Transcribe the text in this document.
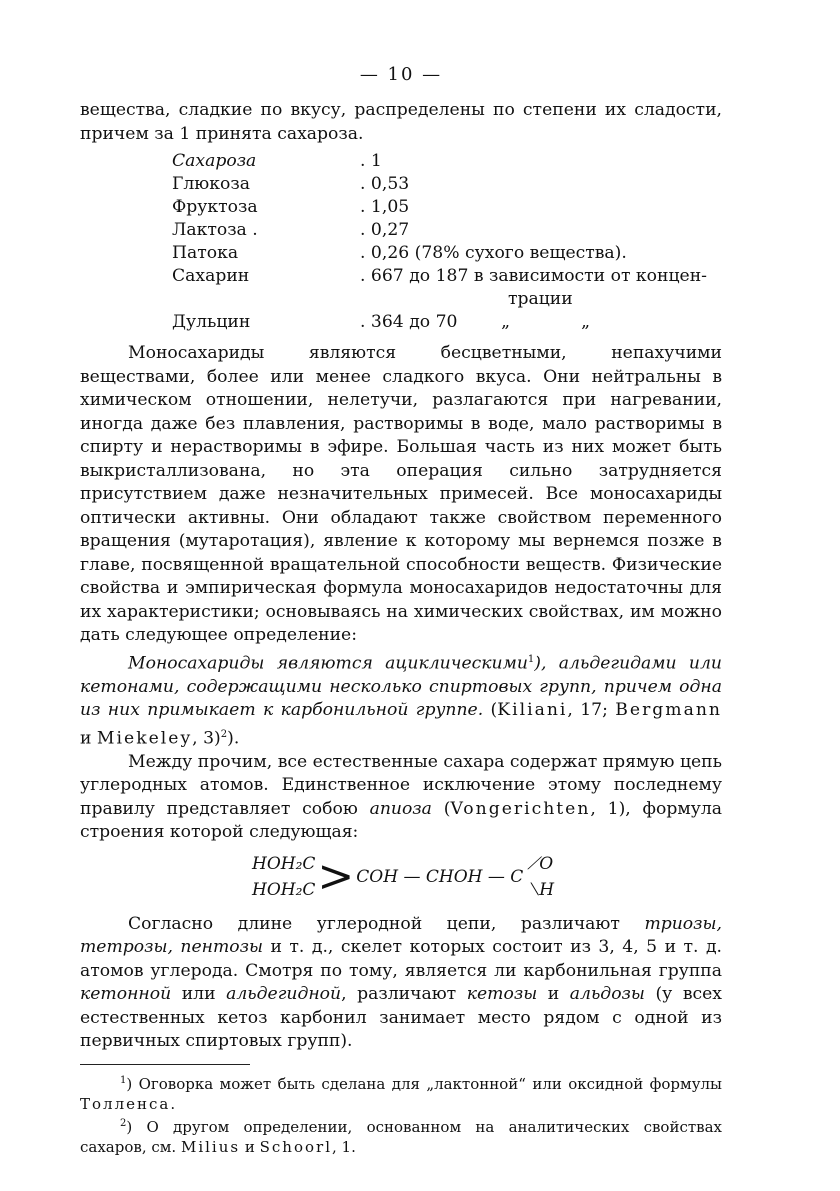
— 10 —

вещества, сладкие по вкусу, распределены по степени их сладости, причем за 1 принята сахароза.

Сахароза	. 1
Глюкоза	. 0,53
Фруктоза	. 1,05
Лактоза .	. 0,27
Патока	. 0,26 (78% сухого вещества).
Сахарин	. 667 до 187 в зависимости от концен-
трации
Дульцин	. 364 до 70        „             „

Моносахариды являются бесцветными, непахучими веществами, более или менее сладкого вкуса. Они нейтральны в химическом отношении, нелетучи, разлагаются при нагревании, иногда даже без плавления, растворимы в воде, мало растворимы в спирту и нерастворимы в эфире. Большая часть из них может быть выкристаллизована, но эта операция сильно затрудняется присутствием даже незначительных примесей. Все моносахариды оптически активны. Они обладают также свойством переменного вращения (мутаротация), явление к которому мы вернемся позже в главе, посвященной вращательной способности веществ. Физические свойства и эмпирическая формула моносахаридов недостаточны для их характеристики; основываясь на химических свойствах, им можно дать следующее определение:

Моносахариды являются ациклическими$^1$), альдегидами или кетонами, содержащими несколько спиртовых групп, причем одна из них примыкает к карбонильной группе. (Kiliani, 17; Bergmann и Miekeley, 3)$^2$).

Между прочим, все естественные сахара содержат прямую цепь углеродных атомов. Единственное исключение этому последнему правилу представляет собою апиоза (Vongerichten, 1), формула строения которой следующая:

HOH₂C
HOH₂C > COH — CHOH — C
⟋O
⟍H

Согласно длине углеродной цепи, различают триозы, тетрозы, пентозы и т. д., скелет которых состоит из 3, 4, 5 и т. д. атомов углерода. Смотря по тому, является ли карбонильная группа кетонной или альдегидной, различают кетозы и альдозы (у всех естественных кетоз карбонил занимает место рядом с одной из первичных спиртовых групп).

$^1$) Оговорка может быть сделана для „лактонной“ или оксидной формулы Толленса.
$^2$) О другом определении, основанном на аналитических свойствах сахаров, см. Milius и Schoorl, 1.
